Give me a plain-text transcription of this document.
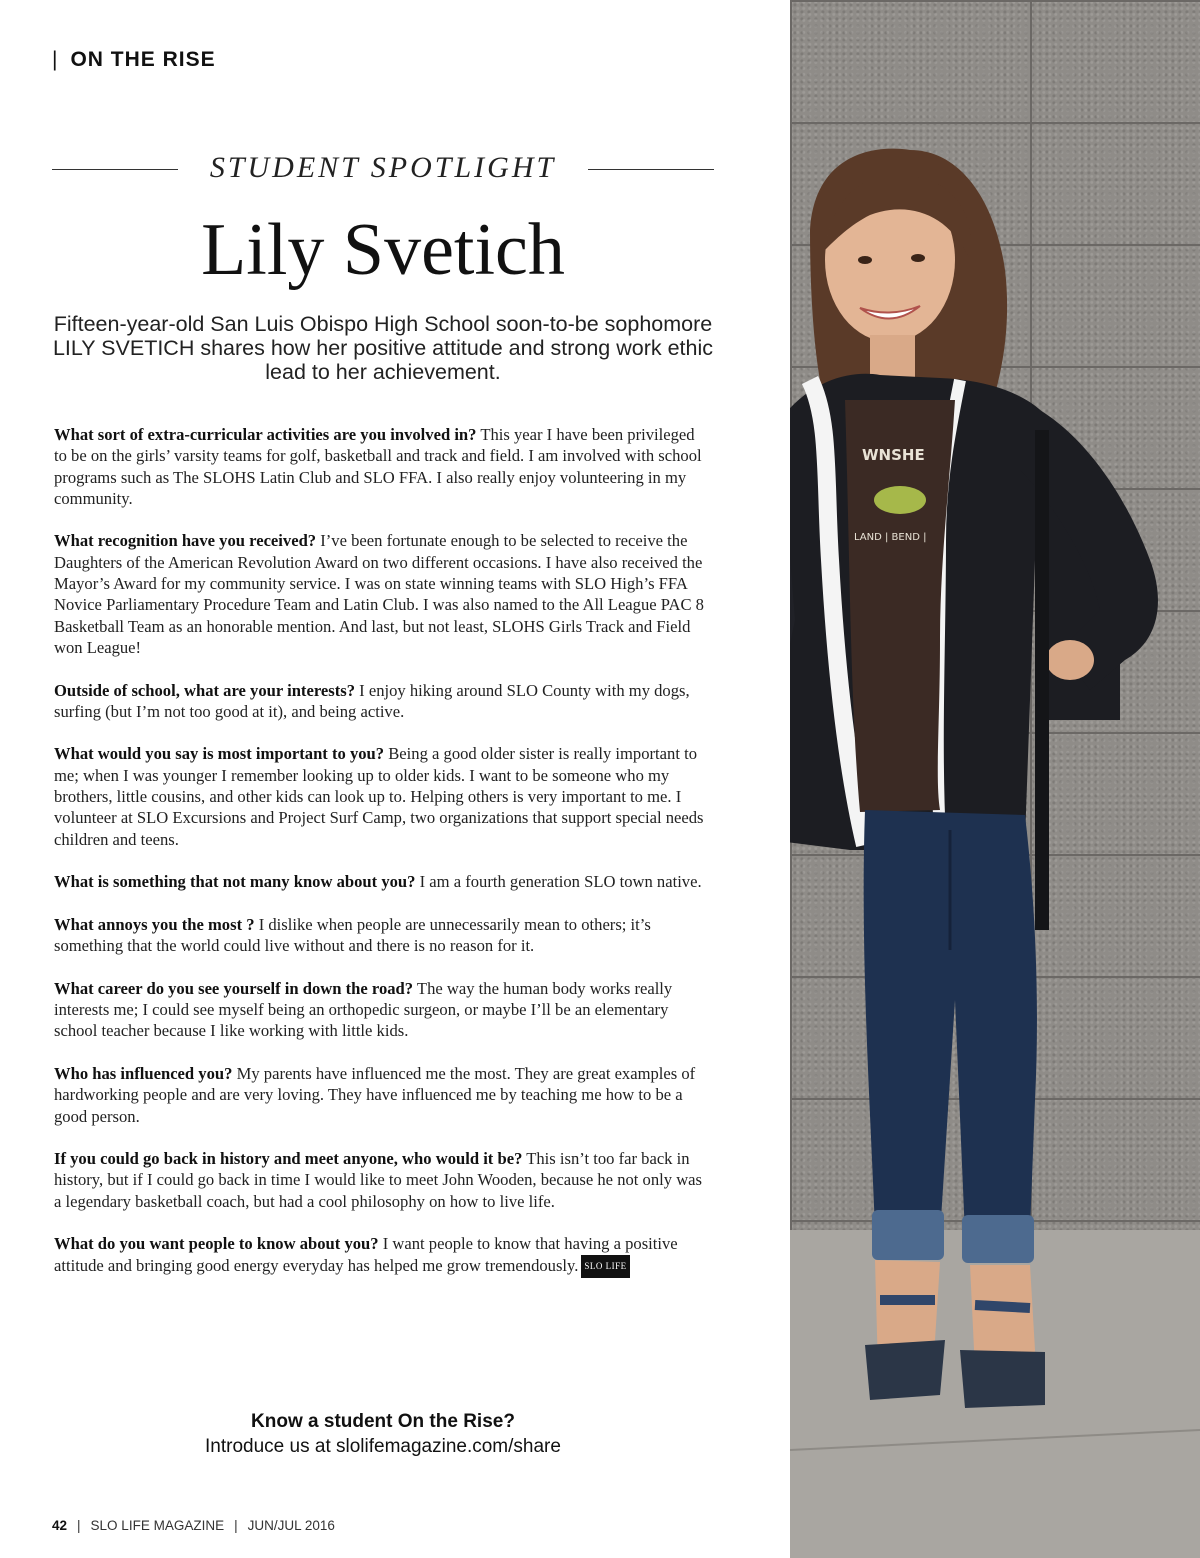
| ON THE RISE
STUDENT SPOTLIGHT
Lily Svetich
Fifteen-year-old San Luis Obispo High School soon-to-be sophomore LILY SVETICH shares how her positive attitude and strong work ethic lead to her achievement.

What sort of extra-curricular activities are you involved in? This year I have been privileged to be on the girls’ varsity teams for golf, basketball and track and field. I am involved with school programs such as The SLOHS Latin Club and SLO FFA. I also really enjoy volunteering in my community.

What recognition have you received? I’ve been fortunate enough to be selected to receive the Daughters of the American Revolution Award on two different occasions. I have also received the Mayor’s Award for my community service. I was on state winning teams with SLO High’s FFA Novice Parliamentary Procedure Team and Latin Club. I was also named to the All League PAC 8 Basketball Team as an honorable mention. And last, but not least, SLOHS Girls Track and Field won League!

Outside of school, what are your interests? I enjoy hiking around SLO County with my dogs, surfing (but I’m not too good at it), and being active.

What would you say is most important to you? Being a good older sister is really important to me; when I was younger I remember looking up to older kids. I want to be someone who my brothers, little cousins, and other kids can look up to. Helping others is very important to me. I volunteer at SLO Excursions and Project Surf Camp, two organizations that support special needs children and teens.

What is something that not many know about you? I am a fourth generation SLO town native.

What annoys you the most ? I dislike when people are unnecessarily mean to others; it’s something that the world could live without and there is no reason for it.

What career do you see yourself in down the road? The way the human body works really interests me; I could see myself being an orthopedic surgeon, or maybe I’ll be an elementary school teacher because I like working with little kids.

Who has influenced you? My parents have influenced me the most. They are great examples of hardworking people and are very loving. They have influenced me by teaching me how to be a good person.

If you could go back in history and meet anyone, who would it be? This isn’t too far back in history, but if I could go back in time I would like to meet John Wooden, because he not only was a legendary basketball coach, but had a cool philosophy on how to live life.

What do you want people to know about you? I want people to know that having a positive attitude and bringing good energy everyday has helped me grow tremendously. SLO LIFE

Know a student On the Rise?
Introduce us at slolifemagazine.com/share
42 | SLO LIFE MAGAZINE | JUN/JUL 2016
WNSHE
LAND | BEND |
